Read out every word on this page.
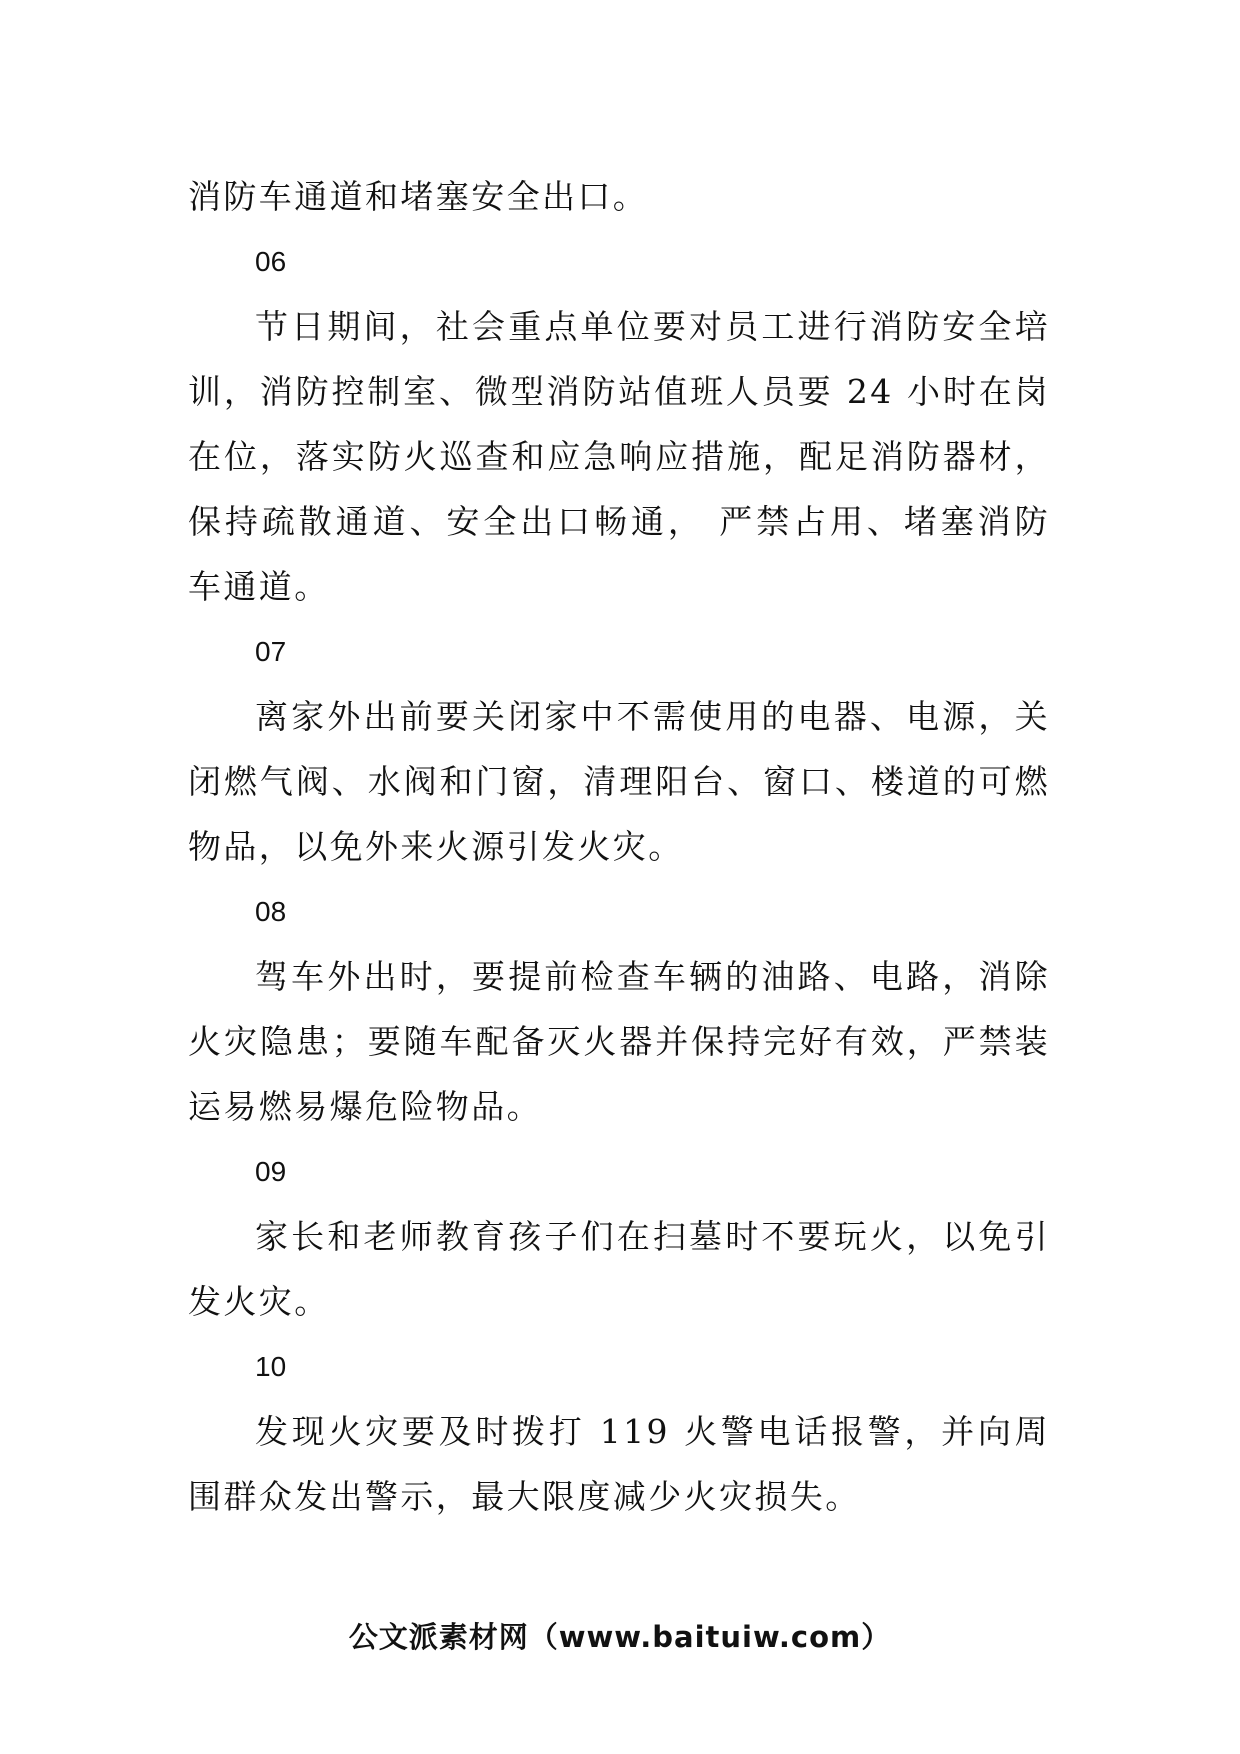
消防车通道和堵塞安全出口。

06

节日期间，社会重点单位要对员工进行消防安全培训，消防控制室、微型消防站值班人员要 24 小时在岗在位，落实防火巡查和应急响应措施，配足消防器材，保持疏散通道、安全出口畅通， 严禁占用、堵塞消防车通道。

07

离家外出前要关闭家中不需使用的电器、电源，关闭燃气阀、水阀和门窗，清理阳台、窗口、楼道的可燃物品，以免外来火源引发火灾。

08

驾车外出时，要提前检查车辆的油路、电路，消除火灾隐患；要随车配备灭火器并保持完好有效，严禁装运易燃易爆危险物品。

09

家长和老师教育孩子们在扫墓时不要玩火，以免引发火灾。

10

发现火灾要及时拨打 119 火警电话报警，并向周围群众发出警示，最大限度减少火灾损失。

公文派素材网（www.baituiw.com）
